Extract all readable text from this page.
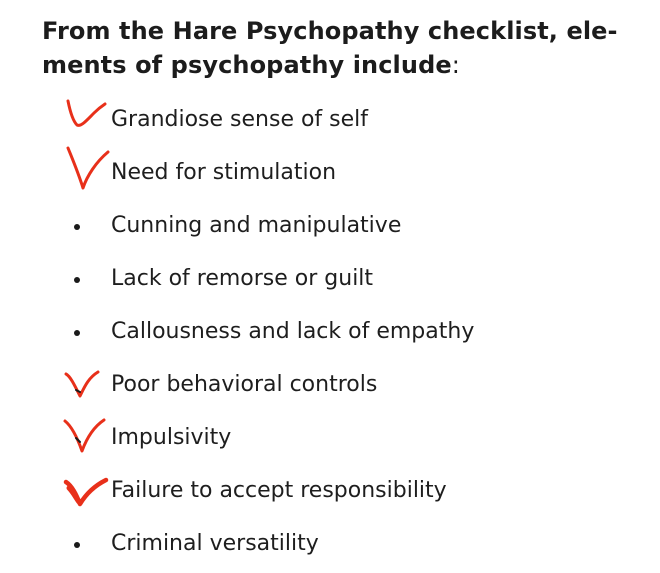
From the Hare Psychopathy checklist, ele-ments of psychopathy include:
Grandiose sense of self
Need for stimulation
Cunning and manipulative
Lack of remorse or guilt
Callousness and lack of empathy
Poor behavioral controls
Impulsivity
Failure to accept responsibility
Criminal versatility
